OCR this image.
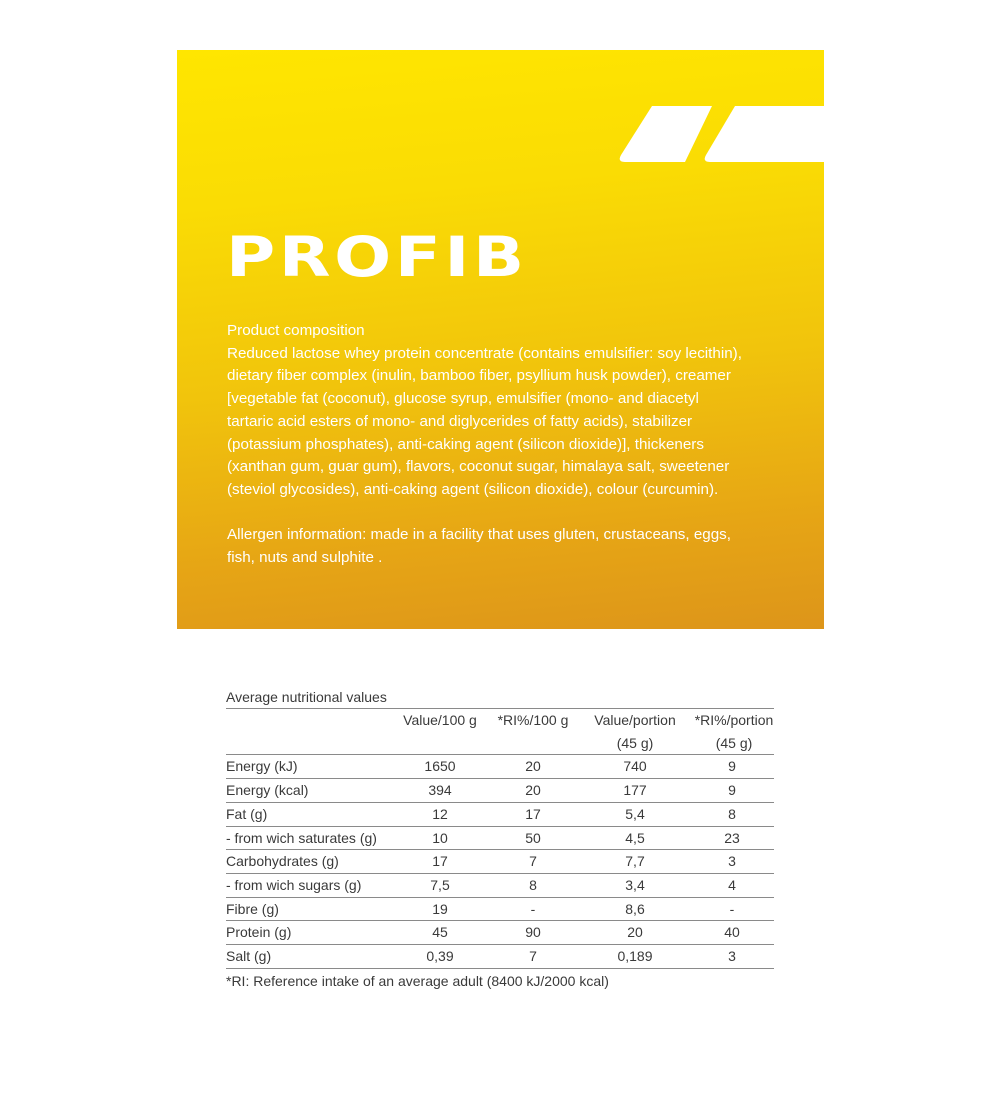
PROFIB

Product composition

Reduced lactose whey protein concentrate (contains emulsifier: soy lecithin), dietary fiber complex (inulin, bamboo fiber, psyllium husk powder), creamer [vegetable fat (coconut), glucose syrup, emulsifier (mono- and diacetyl tartaric acid esters of mono- and diglycerides of fatty acids), stabilizer (potassium phosphates), anti-caking agent (silicon dioxide)], thickeners (xanthan gum, guar gum), flavors, coconut sugar, himalaya salt, sweetener (steviol glycosides), anti-caking agent (silicon dioxide), colour (curcumin).

Allergen information: made in a facility that uses gluten, crustaceans, eggs, fish, nuts and sulphite .

Average nutritional values
	Value/100 g	*RI%/100 g	Value/portion (45 g)	*RI%/portion (45 g)
Energy (kJ)	1650	20	740	9
Energy (kcal)	394	20	177	9
Fat (g)	12	17	5,4	8
- from wich saturates (g)	10	50	4,5	23
Carbohydrates (g)	17	7	7,7	3
- from wich sugars (g)	7,5	8	3,4	4
Fibre (g)	19	-	8,6	-
Protein (g)	45	90	20	40
Salt (g)	0,39	7	0,189	3
*RI: Reference intake of an average adult (8400 kJ/2000 kcal)
